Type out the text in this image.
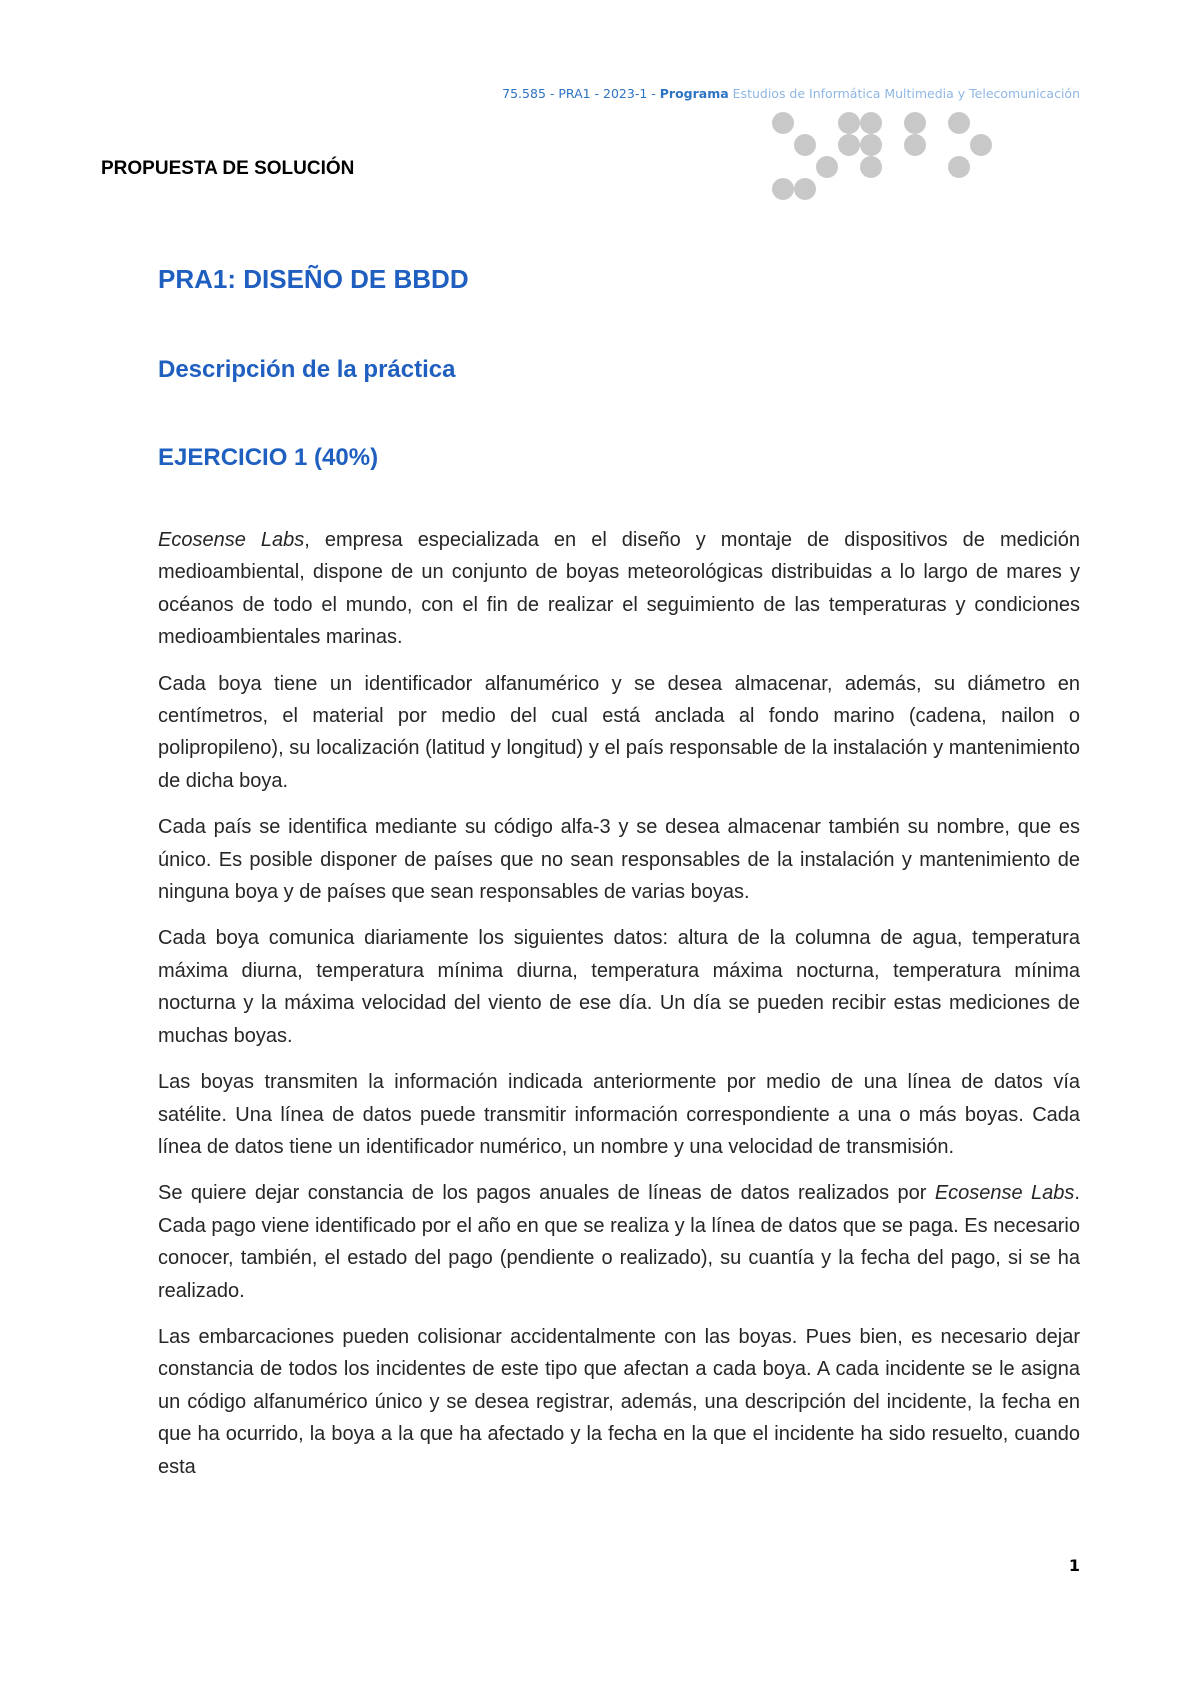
75.585 - PRA1 - 2023-1 - Programa Estudios de Informática Multimedia y Telecomunicación
PROPUESTA DE SOLUCIÓN
PRA1: DISEÑO DE BBDD
Descripción de la práctica
EJERCICIO 1 (40%)

Ecosense Labs, empresa especializada en el diseño y montaje de dispositivos de medición medioambiental, dispone de un conjunto de boyas meteorológicas distribuidas a lo largo de mares y océanos de todo el mundo, con el fin de realizar el seguimiento de las temperaturas y condiciones medioambientales marinas.

Cada boya tiene un identificador alfanumérico y se desea almacenar, además, su diámetro en centímetros, el material por medio del cual está anclada al fondo marino (cadena, nailon o polipropileno), su localización (latitud y longitud) y el país responsable de la instalación y mantenimiento de dicha boya.

Cada país se identifica mediante su código alfa-3 y se desea almacenar también su nombre, que es único. Es posible disponer de países que no sean responsables de la instalación y mantenimiento de ninguna boya y de países que sean responsables de varias boyas.

Cada boya comunica diariamente los siguientes datos: altura de la columna de agua, temperatura máxima diurna, temperatura mínima diurna, temperatura máxima nocturna, temperatura mínima nocturna y la máxima velocidad del viento de ese día. Un día se pueden recibir estas mediciones de muchas boyas.

Las boyas transmiten la información indicada anteriormente por medio de una línea de datos vía satélite. Una línea de datos puede transmitir información correspondiente a una o más boyas. Cada línea de datos tiene un identificador numérico, un nombre y una velocidad de transmisión.

Se quiere dejar constancia de los pagos anuales de líneas de datos realizados por Ecosense Labs. Cada pago viene identificado por el año en que se realiza y la línea de datos que se paga. Es necesario conocer, también, el estado del pago (pendiente o realizado), su cuantía y la fecha del pago, si se ha realizado.

Las embarcaciones pueden colisionar accidentalmente con las boyas. Pues bien, es necesario dejar constancia de todos los incidentes de este tipo que afectan a cada boya. A cada incidente se le asigna un código alfanumérico único y se desea registrar, además, una descripción del incidente, la fecha en que ha ocurrido, la boya a la que ha afectado y la fecha en la que el incidente ha sido resuelto, cuando esta

1
